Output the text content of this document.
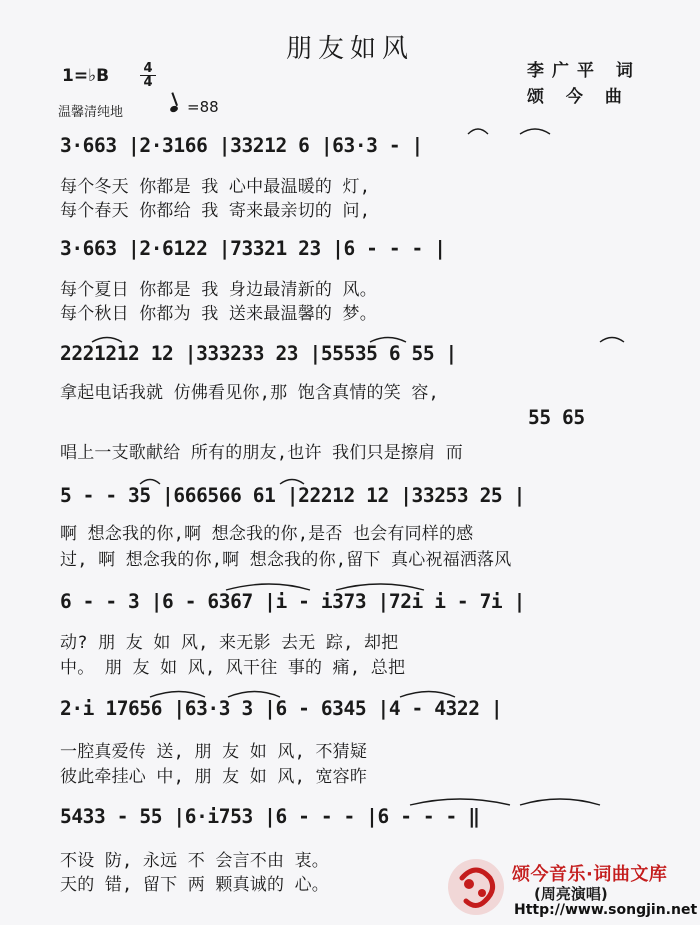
朋友如风
1=♭B	4
4
李广平 词
颂 今 曲
温馨清纯地	=88
3·663 |2·3166 |33212 6 |63·3 - |
每个冬天 你都是 我 心中最温暖的 灯,
每个春天 你都给 我 寄来最亲切的 问,
3·663 |2·6122 |73321 23 |6 - - - |
每个夏日 你都是 我 身边最清新的 风。
每个秋日 你都为 我 送来最温馨的 梦。
2221212 12 |333233 23 |55535 6 55 |
拿起电话我就 仿佛看见你,那 饱含真情的笑 容,
55 65
唱上一支歌献给 所有的朋友,也许 我们只是擦肩 而
5 - - 35 |666566 61 |22212 12 |33253 25 |
啊 想念我的你,啊 想念我的你,是否 也会有同样的感
过, 啊 想念我的你,啊 想念我的你,留下 真心祝福洒落风
6 - - 3 |6 - 6367 |i - i373 |72i i - 7i |
动? 朋 友 如 风, 来无影 去无 踪, 却把
中。 朋 友 如 风, 风干往 事的 痛, 总把
2·i 17656 |63·3 3 |6 - 6345 |4 - 4322 |
一腔真爱传 送, 朋 友 如 风, 不猜疑
彼此牵挂心 中, 朋 友 如 风, 宽容昨
5433 - 55 |6·i753 |6 - - - |6 - - - ‖
不设 防, 永远 不 会言不由 衷。
天的 错, 留下 两 颗真诚的 心。	颂今音乐·词曲文库
(周亮演唱)
Http://www.songjin.net
